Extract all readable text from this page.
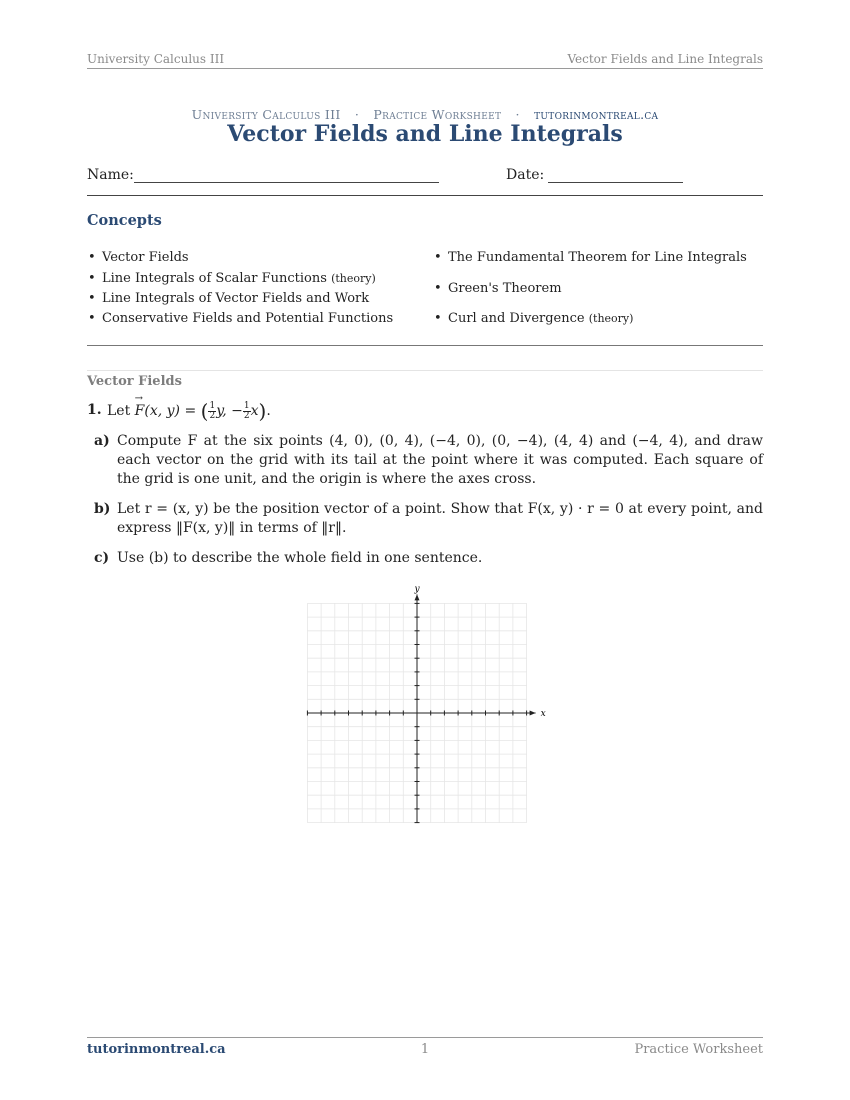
University Calculus III	Vector Fields and Line Integrals
University Calculus III · Practice Worksheet · tutorinmontreal.ca
Vector Fields and Line Integrals
Name:	Date:
Concepts
• Vector Fields
• Line Integrals of Scalar Functions (theory)
• Line Integrals of Vector Fields and Work
• Conservative Fields and Potential Functions
• The Fundamental Theorem for Line Integrals
• Green's Theorem
• Curl and Divergence (theory)
Vector Fields
1. Let → F(x, y) = ( $\frac{1}{2} y$, − $\frac{1}{2} x$).
a) Compute F at the six points (4, 0), (0, 4), (−4, 0), (0, −4), (4, 4) and (−4, 4), and draw each vector on the grid with its tail at the point where it was computed. Each square of the grid is one unit, and the origin is where the axes cross.
b) Let r = (x, y) be the position vector of a point. Show that F(x, y) · r = 0 at every point, and express ‖F(x, y)‖ in terms of ‖r‖.
c) Use (b) to describe the whole field in one sentence.
y
x
tutorinmontreal.ca	1	Practice Worksheet
